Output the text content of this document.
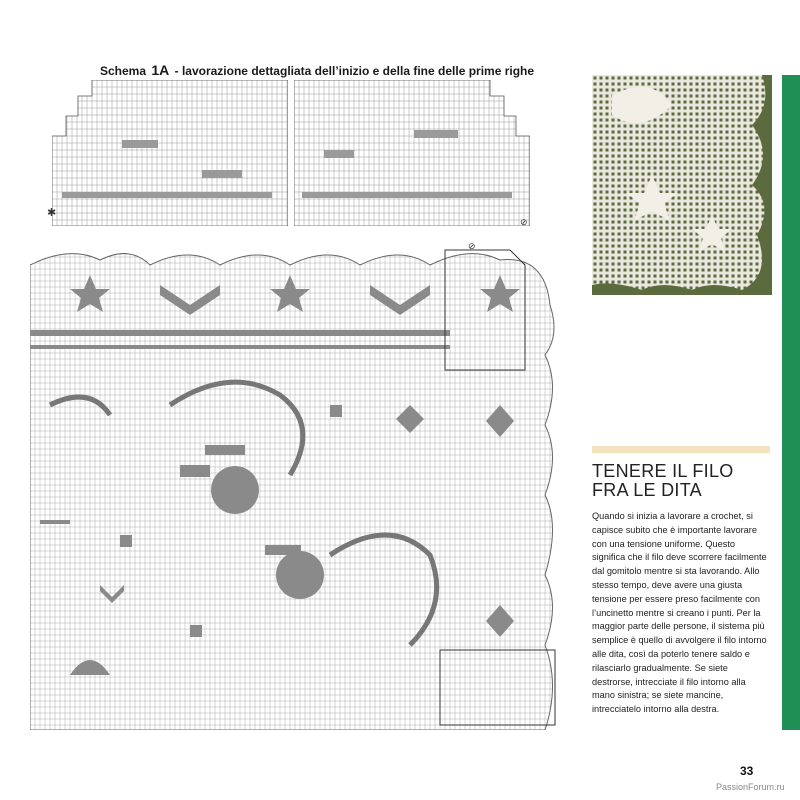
Schema 1A - lavorazione dettagliata dell’inizio e della fine delle prime righe
✱
⊘
⊘
TENERE IL FILO
FRA LE DITA
Quando si inizia a lavorare a crochet, si capisce subito che è importante lavorare con una tensione uniforme. Questo significa che il filo deve scorrere facilmente dal gomitolo mentre si sta lavorando. Allo stesso tempo, deve avere una giusta tensione per essere preso facilmente con l’uncinetto mentre si creano i punti. Per la maggior parte delle persone, il sistema più semplice è quello di avvolgere il filo intorno alle dita, così da poterlo tenere saldo e rilasciarlo gradualmente. Se siete destrorse, intrecciate il filo intorno alla mano sinistra; se siete mancine, intrecciatelo intorno alla destra.
33
PassionForum.ru
